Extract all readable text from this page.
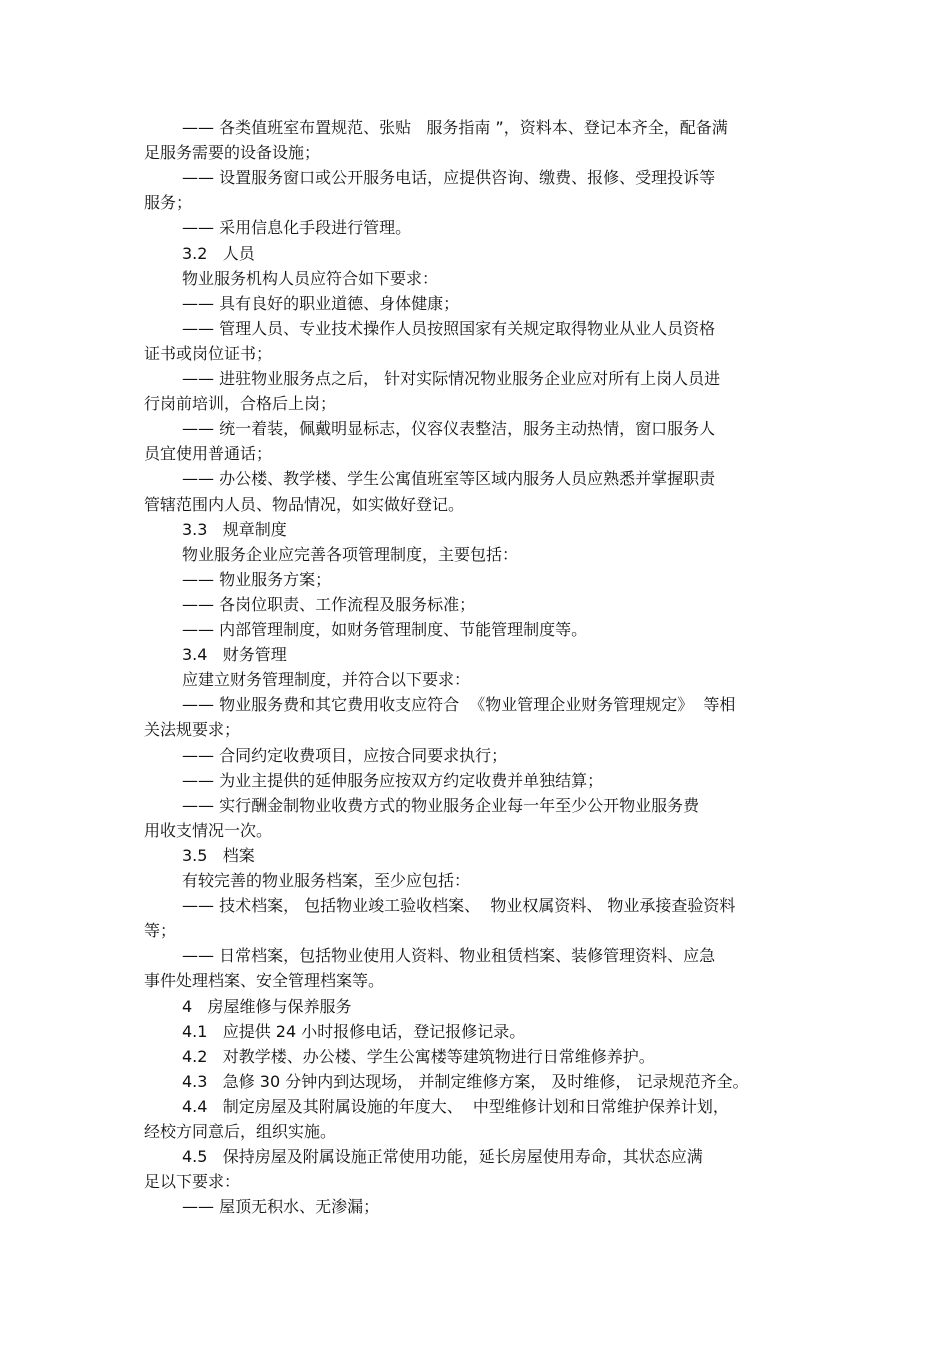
—— 各类值班室布置规范、张贴   服务指南 ”，资料本、登记本齐全，配备满
足服务需要的设备设施；
—— 设置服务窗口或公开服务电话，应提供咨询、缴费、报修、受理投诉等
服务；
—— 采用信息化手段进行管理。
3.2   人员
物业服务机构人员应符合如下要求：
—— 具有良好的职业道德、身体健康；
—— 管理人员、专业技术操作人员按照国家有关规定取得物业从业人员资格
证书或岗位证书；
—— 进驻物业服务点之后， 针对实际情况物业服务企业应对所有上岗人员进
行岗前培训，合格后上岗；
—— 统一着装，佩戴明显标志，仪容仪表整洁，服务主动热情，窗口服务人
员宜使用普通话；
—— 办公楼、教学楼、学生公寓值班室等区域内服务人员应熟悉并掌握职责
管辖范围内人员、物品情况，如实做好登记。
3.3   规章制度
物业服务企业应完善各项管理制度，主要包括：
—— 物业服务方案；
—— 各岗位职责、工作流程及服务标准；
—— 内部管理制度，如财务管理制度、节能管理制度等。
3.4   财务管理
应建立财务管理制度，并符合以下要求：
—— 物业服务费和其它费用收支应符合  《物业管理企业财务管理规定》  等相
关法规要求；
—— 合同约定收费项目，应按合同要求执行；
—— 为业主提供的延伸服务应按双方约定收费并单独结算；
—— 实行酬金制物业收费方式的物业服务企业每一年至少公开物业服务费
用收支情况一次。
3.5   档案
有较完善的物业服务档案，至少应包括：
—— 技术档案， 包括物业竣工验收档案、  物业权属资料、 物业承接查验资料
等；
—— 日常档案，包括物业使用人资料、物业租赁档案、装修管理资料、应急
事件处理档案、安全管理档案等。
4   房屋维修与保养服务
4.1   应提供 24 小时报修电话，登记报修记录。
4.2   对教学楼、办公楼、学生公寓楼等建筑物进行日常维修养护。
4.3   急修 30 分钟内到达现场， 并制定维修方案， 及时维修， 记录规范齐全。
4.4   制定房屋及其附属设施的年度大、  中型维修计划和日常维护保养计划，
经校方同意后，组织实施。
4.5   保持房屋及附属设施正常使用功能，延长房屋使用寿命，其状态应满
足以下要求：
—— 屋顶无积水、无渗漏；
